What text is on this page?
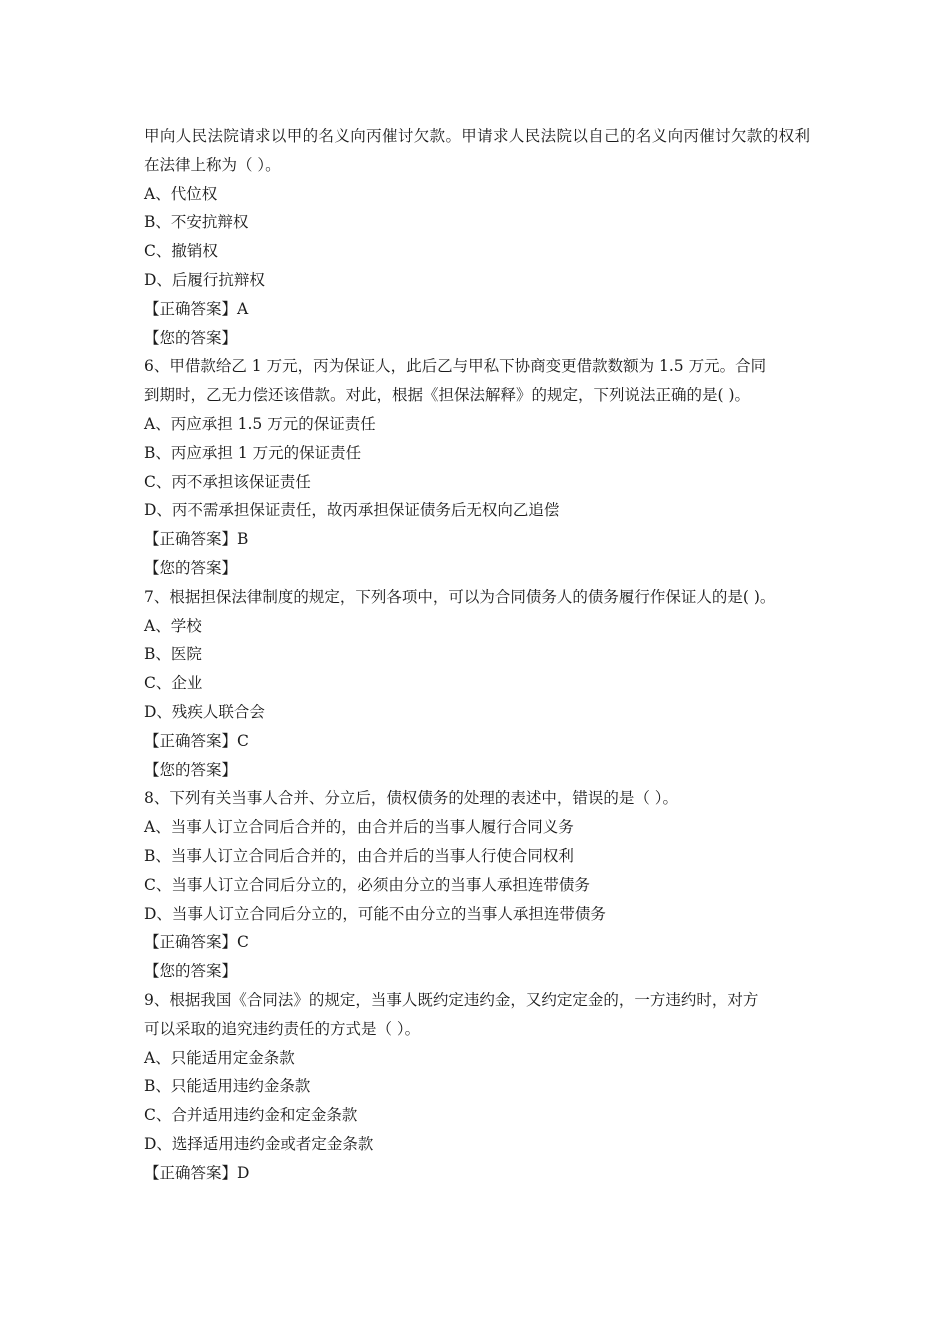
甲向人民法院请求以甲的名义向丙催讨欠款。甲请求人民法院以自己的名义向丙催讨欠款的权利在法律上称为（ ）。
A、代位权
B、不安抗辩权
C、撤销权
D、后履行抗辩权
【正确答案】A
【您的答案】
6、甲借款给乙 1 万元，丙为保证人，此后乙与甲私下协商变更借款数额为 1.5 万元。合同
到期时，乙无力偿还该借款。对此，根据《担保法解释》的规定，下列说法正确的是( )。
A、丙应承担 1.5 万元的保证责任
B、丙应承担 1 万元的保证责任
C、丙不承担该保证责任
D、丙不需承担保证责任，故丙承担保证债务后无权向乙追偿
【正确答案】B
【您的答案】
7、根据担保法律制度的规定，下列各项中，可以为合同债务人的债务履行作保证人的是( )。
A、学校
B、医院
C、企业
D、残疾人联合会
【正确答案】C
【您的答案】
8、下列有关当事人合并、分立后，债权债务的处理的表述中，错误的是（ ）。
A、当事人订立合同后合并的，由合并后的当事人履行合同义务
B、当事人订立合同后合并的，由合并后的当事人行使合同权利
C、当事人订立合同后分立的，必须由分立的当事人承担连带债务
D、当事人订立合同后分立的，可能不由分立的当事人承担连带债务
【正确答案】C
【您的答案】
9、根据我国《合同法》的规定，当事人既约定违约金，又约定定金的，一方违约时，对方
可以采取的追究违约责任的方式是（ ）。
A、只能适用定金条款
B、只能适用违约金条款
C、合并适用违约金和定金条款
D、选择适用违约金或者定金条款
【正确答案】D
